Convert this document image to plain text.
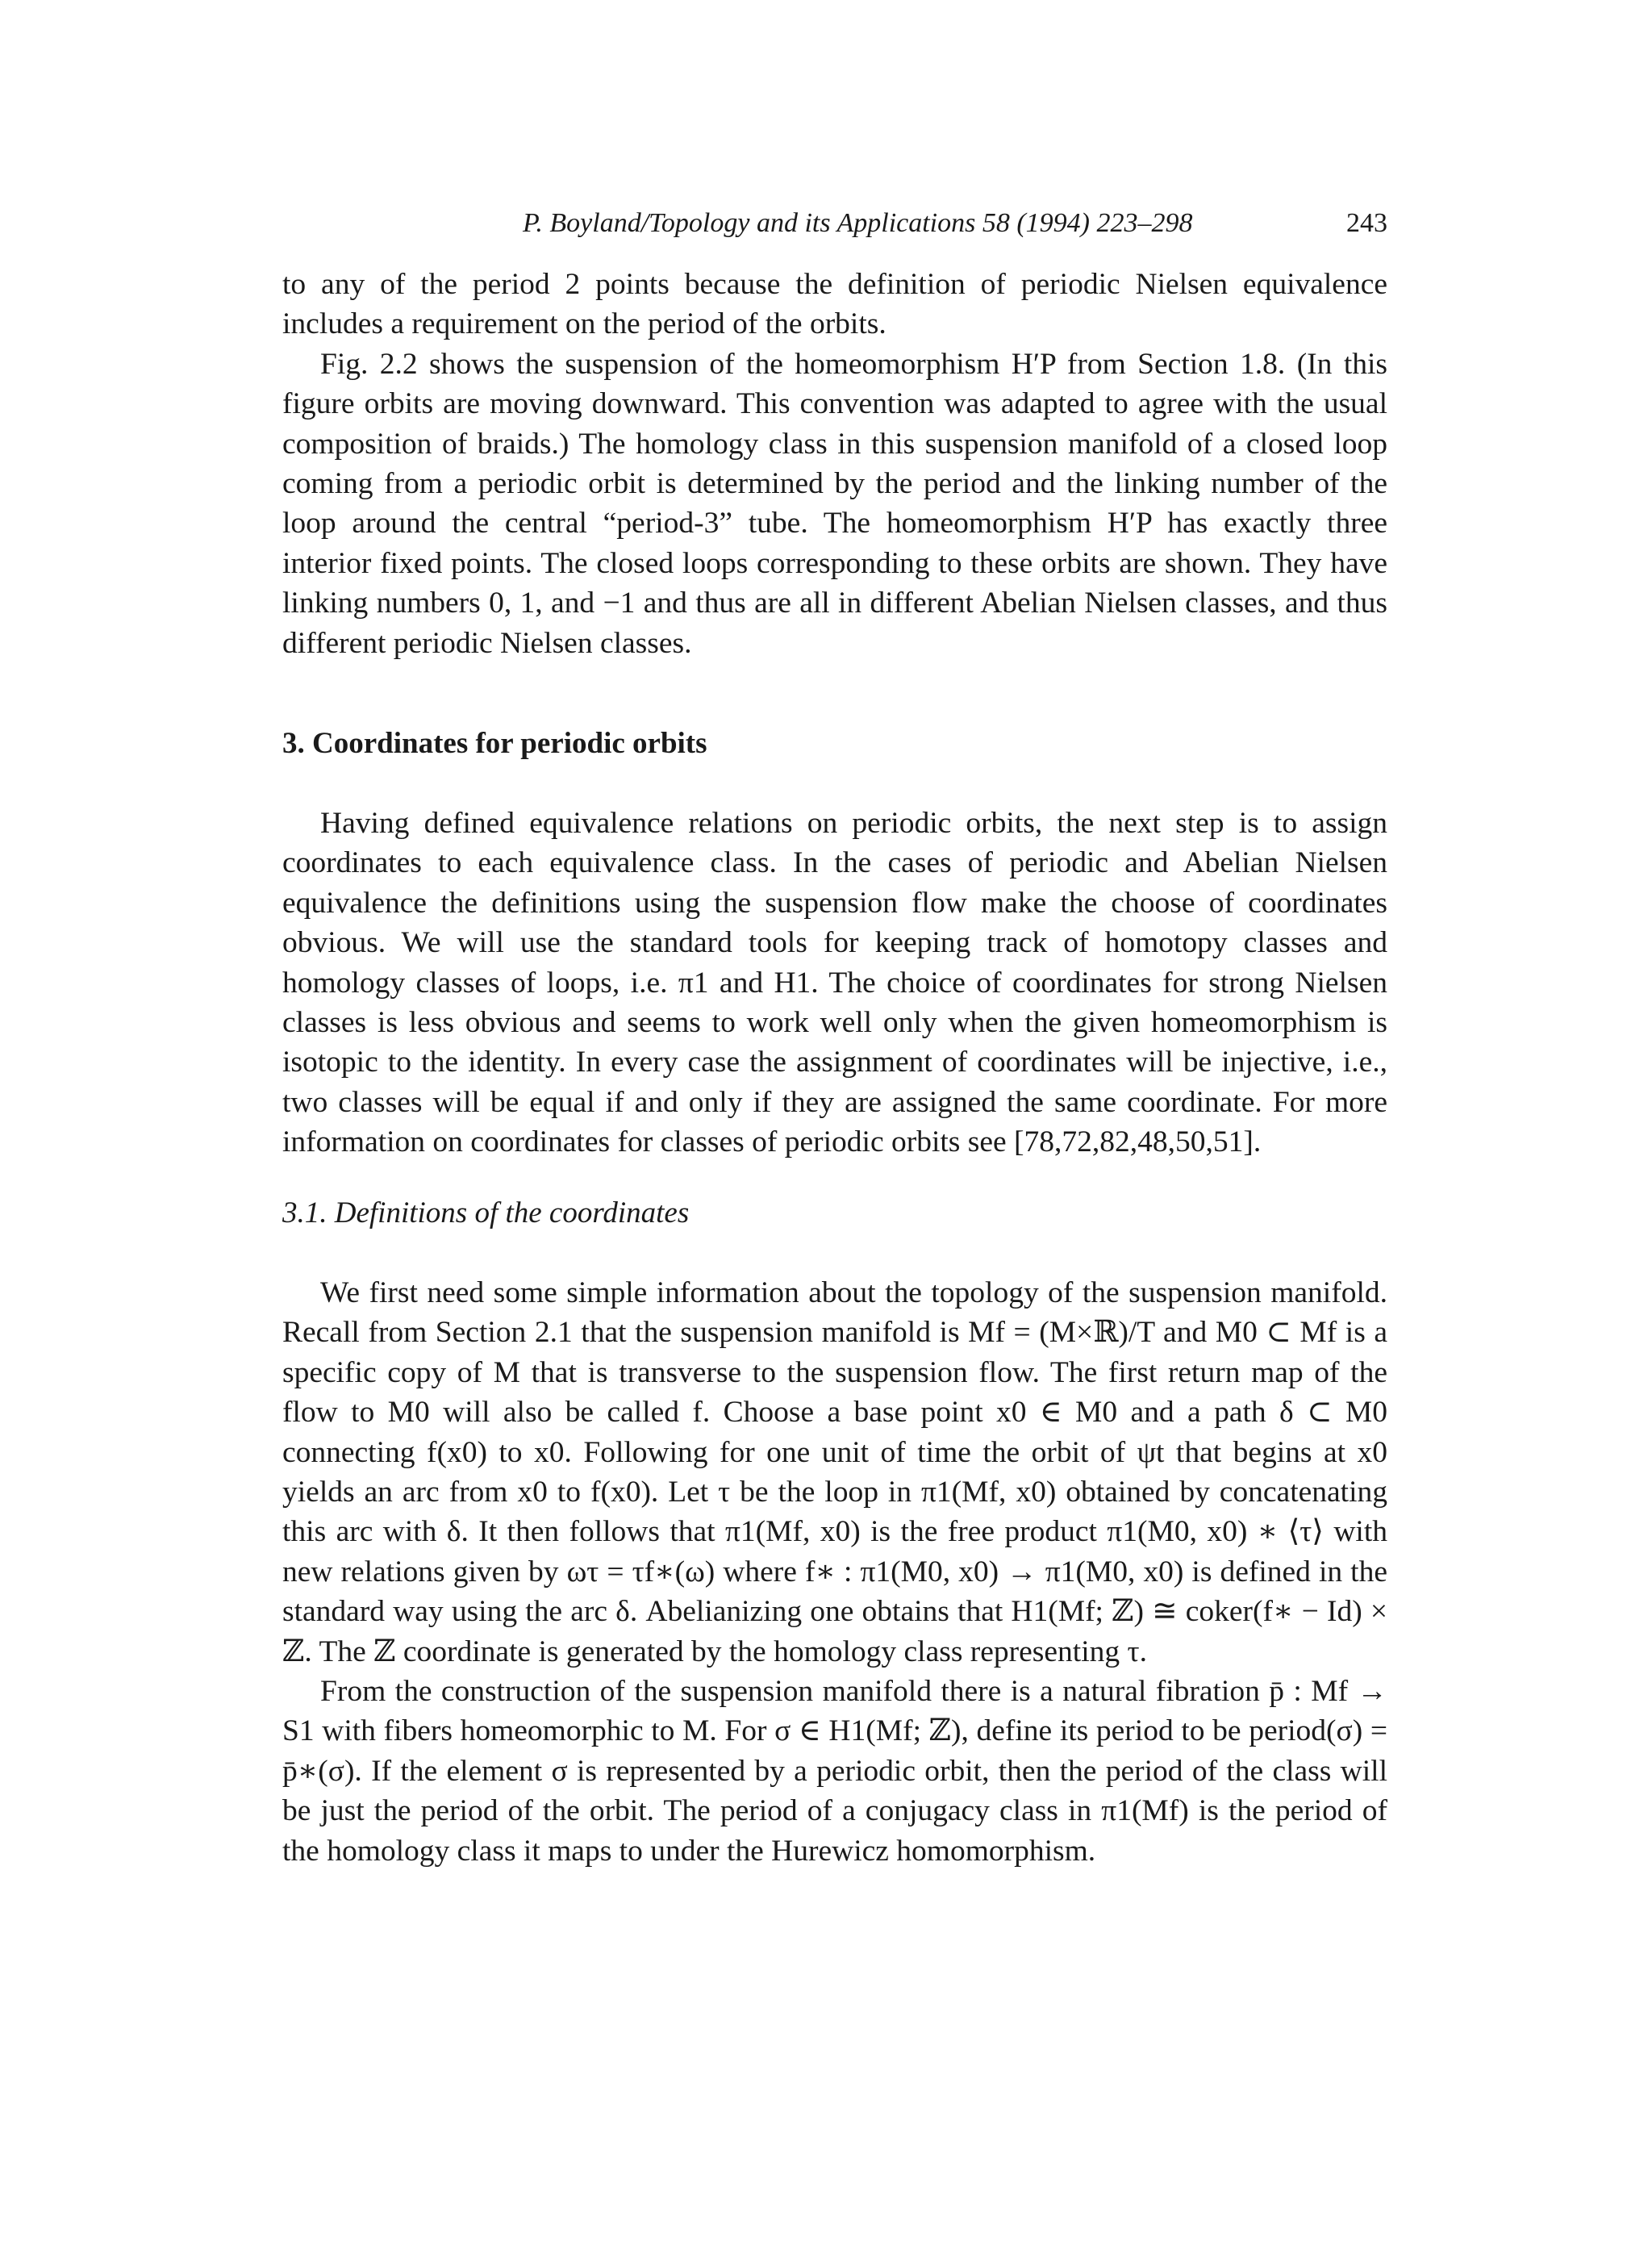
P. Boyland/Topology and its Applications 58 (1994) 223–298	243

to any of the period 2 points because the definition of periodic Nielsen equivalence includes a requirement on the period of the orbits.

Fig. 2.2 shows the suspension of the homeomorphism H′P from Section 1.8. (In this figure orbits are moving downward. This convention was adapted to agree with the usual composition of braids.) The homology class in this suspension manifold of a closed loop coming from a periodic orbit is determined by the period and the linking number of the loop around the central “period-3” tube. The homeomorphism H′P has exactly three interior fixed points. The closed loops corresponding to these orbits are shown. They have linking numbers 0, 1, and −1 and thus are all in different Abelian Nielsen classes, and thus different periodic Nielsen classes.

3. Coordinates for periodic orbits

Having defined equivalence relations on periodic orbits, the next step is to assign coordinates to each equivalence class. In the cases of periodic and Abelian Nielsen equivalence the definitions using the suspension flow make the choose of coordinates obvious. We will use the standard tools for keeping track of homotopy classes and homology classes of loops, i.e. π1 and H1. The choice of coordinates for strong Nielsen classes is less obvious and seems to work well only when the given homeomorphism is isotopic to the identity. In every case the assignment of coordinates will be injective, i.e., two classes will be equal if and only if they are assigned the same coordinate. For more information on coordinates for classes of periodic orbits see [78,72,82,48,50,51].

3.1. Definitions of the coordinates

We first need some simple information about the topology of the suspension manifold. Recall from Section 2.1 that the suspension manifold is Mf = (M×ℝ)/T and M0 ⊂ Mf is a specific copy of M that is transverse to the suspension flow. The first return map of the flow to M0 will also be called f. Choose a base point x0 ∈ M0 and a path δ ⊂ M0 connecting f(x0) to x0. Following for one unit of time the orbit of ψt that begins at x0 yields an arc from x0 to f(x0). Let τ be the loop in π1(Mf, x0) obtained by concatenating this arc with δ. It then follows that π1(Mf, x0) is the free product π1(M0, x0) ∗ ⟨τ⟩ with new relations given by ωτ = τf∗(ω) where f∗ : π1(M0, x0) → π1(M0, x0) is defined in the standard way using the arc δ. Abelianizing one obtains that H1(Mf; ℤ) ≅ coker(f∗ − Id) × ℤ. The ℤ coordinate is generated by the homology class representing τ.

From the construction of the suspension manifold there is a natural fibration p̄ : Mf → S1 with fibers homeomorphic to M. For σ ∈ H1(Mf; ℤ), define its period to be period(σ) = p̄∗(σ). If the element σ is represented by a periodic orbit, then the period of the class will be just the period of the orbit. The period of a conjugacy class in π1(Mf) is the period of the homology class it maps to under the Hurewicz homomorphism.
